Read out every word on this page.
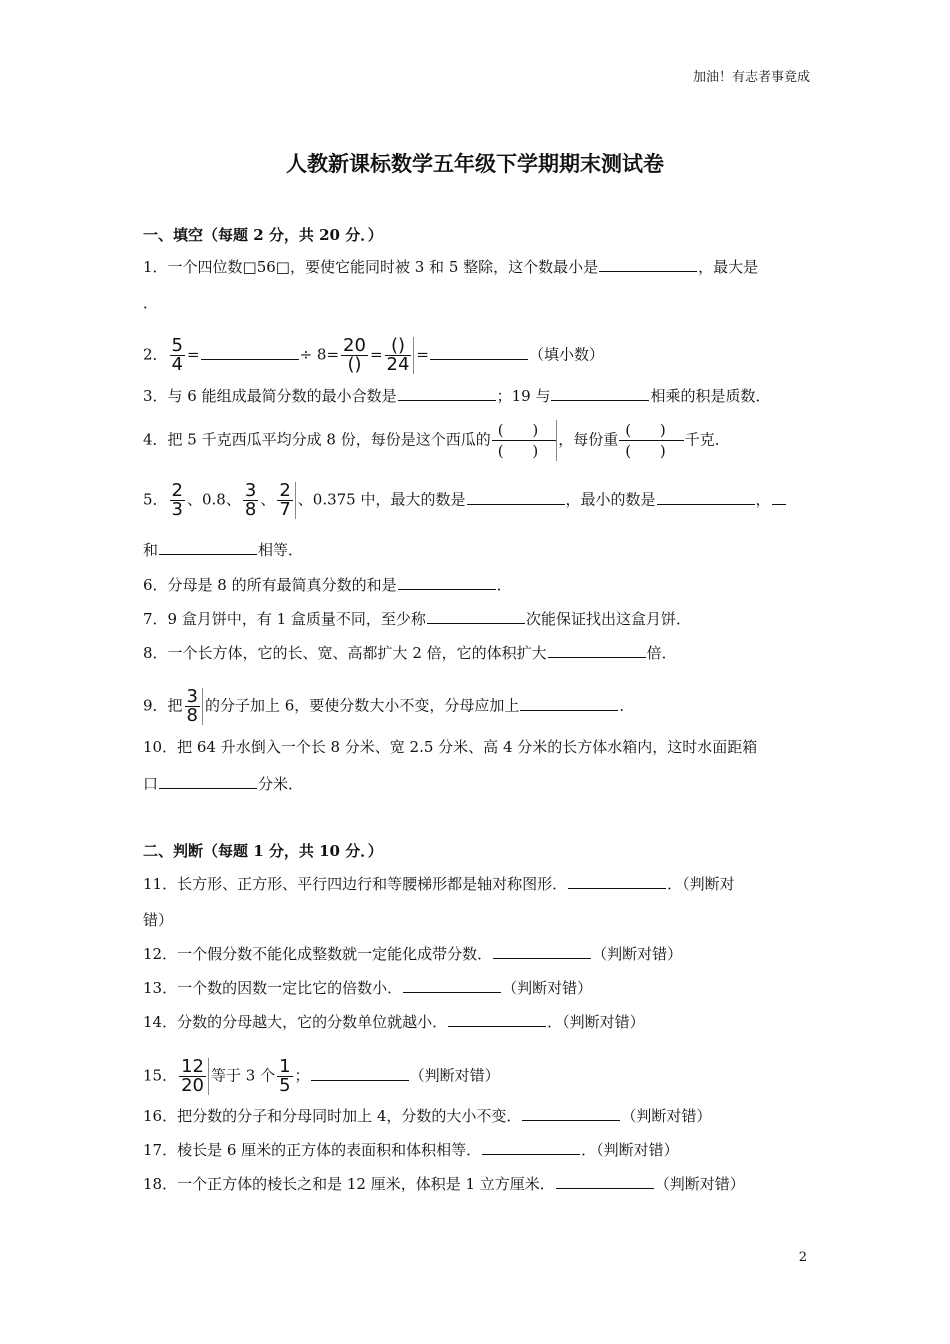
加油！有志者事竟成
人教新课标数学五年级下学期期末测试卷
一、填空（每题 2 分，共 20 分．）
1．一个四位数□56□，要使它能同时被 3 和 5 整除，这个数最小是	，最大是
．
2． $\frac{5}{4}$ =	÷ $8= \frac{20}{()} = \frac{()}{24}$ =	（填小数）
3．与 6 能组成最简分数的最小合数是	；19 与	相乘的积是质数．
4．把 5 千克西瓜平均分成 8 份，每份是这个西瓜的 $\frac{( )}{( )}$ ，每份重 $\frac{( )}{( )}$ 千克．
5． $\frac{2}{3}$ 、0.8、 $\frac{3}{8}$ 、 $\frac{2}{7}$ 、0.375 中，最大的数是	，最小的数是	，
和	相等．
6．分母是 8 的所有最简真分数的和是	．
7．9 盒月饼中，有 1 盒质量不同，至少称	次能保证找出这盒月饼．
8．一个长方体，它的长、宽、高都扩大 2 倍，它的体积扩大	倍．
9．把 $\frac{3}{8}$ 的分子加上 6，要使分数大小不变，分母应加上	．
10．把 64 升水倒入一个长 8 分米、宽 2.5 分米、高 4 分米的长方体水箱内，这时水面距箱
口	分米．
二、判断（每题 1 分，共 10 分．）
11．长方形、正方形、平行四边行和等腰梯形都是轴对称图形．	．（判断对
错）
12．一个假分数不能化成整数就一定能化成带分数．	（判断对错）
13．一个数的因数一定比它的倍数小．	（判断对错）
14．分数的分母越大，它的分数单位就越小．	．（判断对错）
15． $\frac{12}{20}$ 等于 3 个 $\frac{1}{5}$ ；	（判断对错）
16．把分数的分子和分母同时加上 4，分数的大小不变．	（判断对错）
17．棱长是 6 厘米的正方体的表面积和体积相等．	．（判断对错）
18．一个正方体的棱长之和是 12 厘米，体积是 1 立方厘米．	（判断对错）
2
